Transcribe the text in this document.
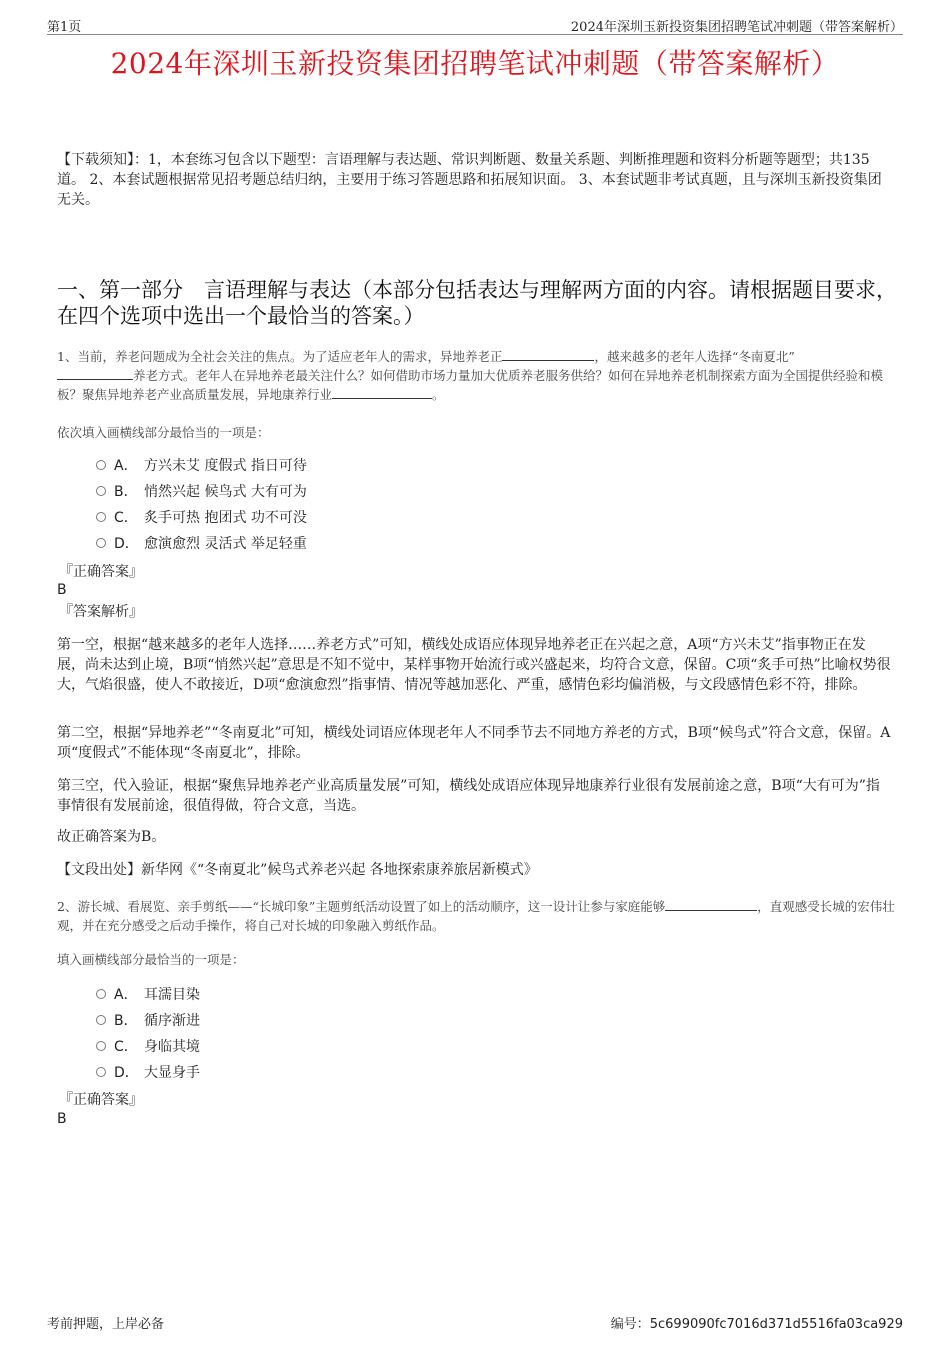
第1页	2024年深圳玉新投资集团招聘笔试冲刺题（带答案解析）
2024年深圳玉新投资集团招聘笔试冲刺题（带答案解析）
【下载须知】：1，本套练习包含以下题型：言语理解与表达题、常识判断题、数量关系题、判断推理题和资料分析题等题型；共135道。 2、本套试题根据常见招考题总结归纳，主要用于练习答题思路和拓展知识面。 3、本套试题非考试真题，且与深圳玉新投资集团无关。
一、第一部分　言语理解与表达（本部分包括表达与理解两方面的内容。请根据题目要求，在四个选项中选出一个最恰当的答案。）
1、当前，养老问题成为全社会关注的焦点。为了适应老年人的需求，异地养老正	，越来越多的老年人选择“冬南夏北”
养老方式。老年人在异地养老最关注什么？如何借助市场力量加大优质养老服务供给？如何在异地养老机制探索方面为全国提供经验和模板？聚焦异地养老产业高质量发展，异地康养行业	。
依次填入画横线部分最恰当的一项是：
A． 方兴未艾 度假式 指日可待
B． 悄然兴起 候鸟式 大有可为
C． 炙手可热 抱团式 功不可没
D． 愈演愈烈 灵活式 举足轻重
『正确答案』
B
『答案解析』
第一空，根据“越来越多的老年人选择……养老方式”可知，横线处成语应体现异地养老正在兴起之意，A项“方兴未艾”指事物正在发展，尚未达到止境，B项“悄然兴起”意思是不知不觉中，某样事物开始流行或兴盛起来，均符合文意，保留。C项“炙手可热”比喻权势很大，气焰很盛，使人不敢接近，D项“愈演愈烈”指事情、情况等越加恶化、严重，感情色彩均偏消极，与文段感情色彩不符，排除。
第二空，根据“异地养老”“冬南夏北”可知，横线处词语应体现老年人不同季节去不同地方养老的方式，B项“候鸟式”符合文意，保留。A项“度假式”不能体现“冬南夏北”，排除。
第三空，代入验证，根据“聚焦异地养老产业高质量发展”可知，横线处成语应体现异地康养行业很有发展前途之意，B项“大有可为”指事情很有发展前途，很值得做，符合文意，当选。
故正确答案为B。
【文段出处】新华网《“冬南夏北”候鸟式养老兴起 各地探索康养旅居新模式》
2、游长城、看展览、亲手剪纸——“长城印象”主题剪纸活动设置了如上的活动顺序，这一设计让参与家庭能够	，直观感受长城的宏伟壮观，并在充分感受之后动手操作，将自己对长城的印象融入剪纸作品。
填入画横线部分最恰当的一项是：
A． 耳濡目染
B． 循序渐进
C． 身临其境
D． 大显身手
『正确答案』
B
考前押题，上岸必备	编号：5c699090fc7016d371d5516fa03ca929
